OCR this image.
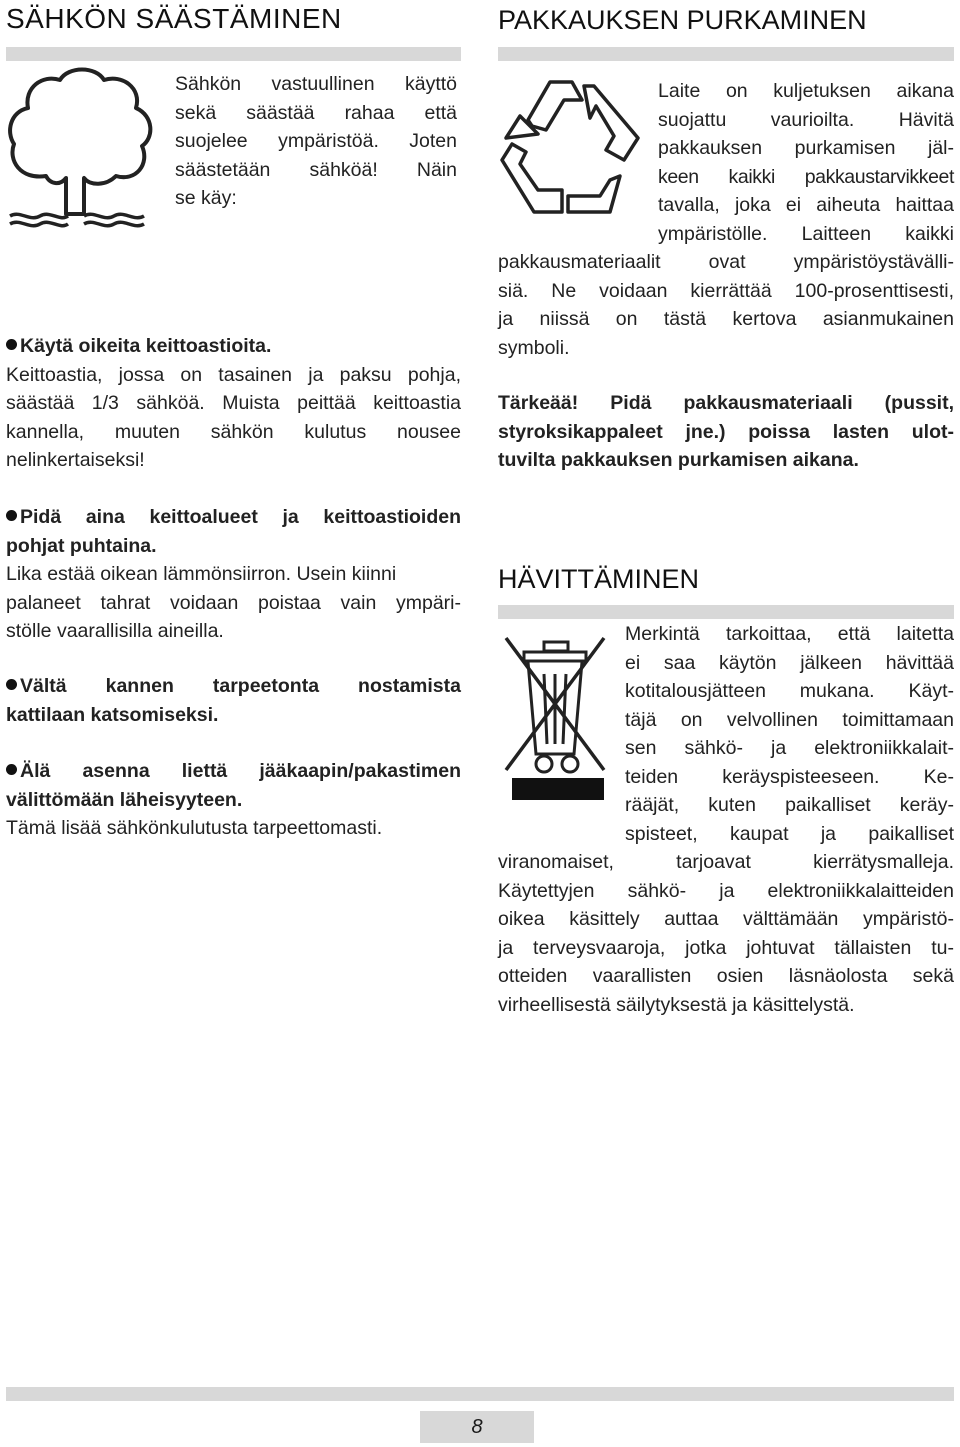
SÄHKÖN SÄÄSTÄMINEN
Sähkön vastuullinen käyttö
sekä säästää rahaa että
suojelee ympäristöä. Joten
säästetään sähköä! Näin
se käy:
Käytä oikeita keittoastioita.
Keittoastia, jossa on tasainen ja paksu pohja,
säästää 1/3 sähköä. Muista peittää keittoastia
kannella, muuten sähkön kulutus nousee
nelinkertaiseksi!
Pidä aina keittoalueet ja keittoastioiden
pohjat puhtaina.
Lika estää oikean lämmönsiirron. Usein kiinni
palaneet tahrat voidaan poistaa vain ympäri-
stölle vaarallisilla aineilla.
Vältä kannen tarpeetonta nostamista
kattilaan katsomiseksi.
Älä asenna liettä jääkaapin/pakastimen
välittömään läheisyyteen.
Tämä lisää sähkönkulutusta tarpeettomasti.
PAKKAUKSEN PURKAMINEN
Laite on kuljetuksen aikana
suojattu vaurioilta. Hävitä
pakkauksen purkamisen jäl-
keen kaikki pakkaustarvikkeet
tavalla, joka ei aiheuta haittaa
ympäristölle. Laitteen kaikki
pakkausmateriaalit ovat ympäristöystävälli-
siä. Ne voidaan kierrättää 100-prosenttisesti,
ja niissä on tästä kertova asianmukainen
symboli.
Tärkeää! Pidä pakkausmateriaali (pussit,
styroksikappaleet jne.) poissa lasten ulot-
tuvilta pakkauksen purkamisen aikana.
HÄVITTÄMINEN
Merkintä tarkoittaa, että laitetta
ei saa käytön jälkeen hävittää
kotitalousjätteen mukana. Käyt-
täjä on velvollinen toimittamaan
sen sähkö- ja elektroniikkalait-
teiden keräyspisteeseen. Ke-
rääjät, kuten paikalliset keräy-
spisteet, kaupat ja paikalliset
viranomaiset, tarjoavat kierrätysmalleja.
Käytettyjen sähkö- ja elektroniikkalaitteiden
oikea käsittely auttaa välttämään ympäristö-
ja terveysvaaroja, jotka johtuvat tällaisten tu-
otteiden vaarallisten osien läsnäolosta sekä
virheellisestä säilytyksestä ja käsittelystä.
8
